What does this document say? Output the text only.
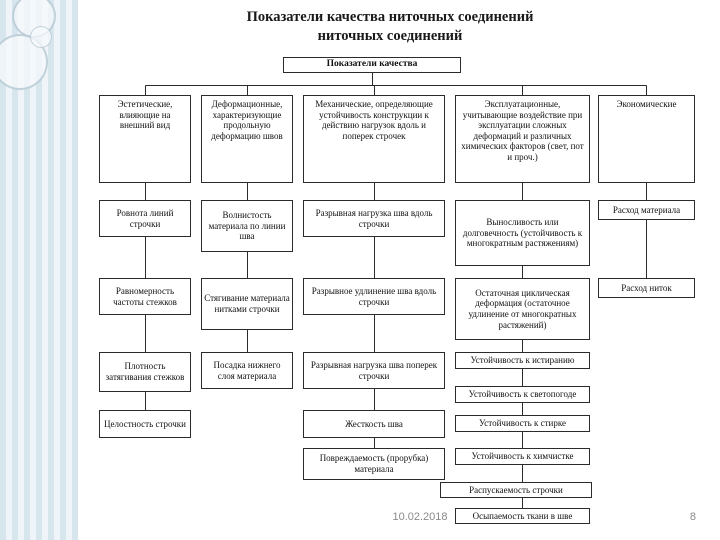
Показатели качества ниточных соединений
ниточных соединений
Показатели качества
Эстетические, влияющие на внешний вид
Деформационные, характеризующие продольную деформацию швов
Механические, определяющие устойчивость конструкции к действию нагрузок вдоль и поперек строчек
Эксплуатационные, учитывающие воздействие при эксплуатации сложных деформаций и различных химических факторов (свет, пот и проч.)
Экономические
Ровнота линий строчки
Равномерность частоты стежков
Плотность затягивания стежков
Целостность строчки
Волнистость материала по линии шва
Стягивание материала нитками строчки
Посадка нижнего слоя материала
Разрывная нагрузка шва вдоль строчки
Разрывное удлинение шва вдоль строчки
Разрывная нагрузка шва поперек строчки
Жесткость шва
Повреждаемость (прорубка) материала
Выносливость или долговечность (устойчивость к многократным растяжениям)
Остаточная циклическая деформация (остаточное удлинение от многократных растяжений)
Устойчивость к истиранию
Устойчивость к светопогоде
Устойчивость к стирке
Устойчивость к химчистке
Распускаемость строчки
Осыпаемость ткани в шве
Расход материала
Расход ниток
10.02.2018	8
